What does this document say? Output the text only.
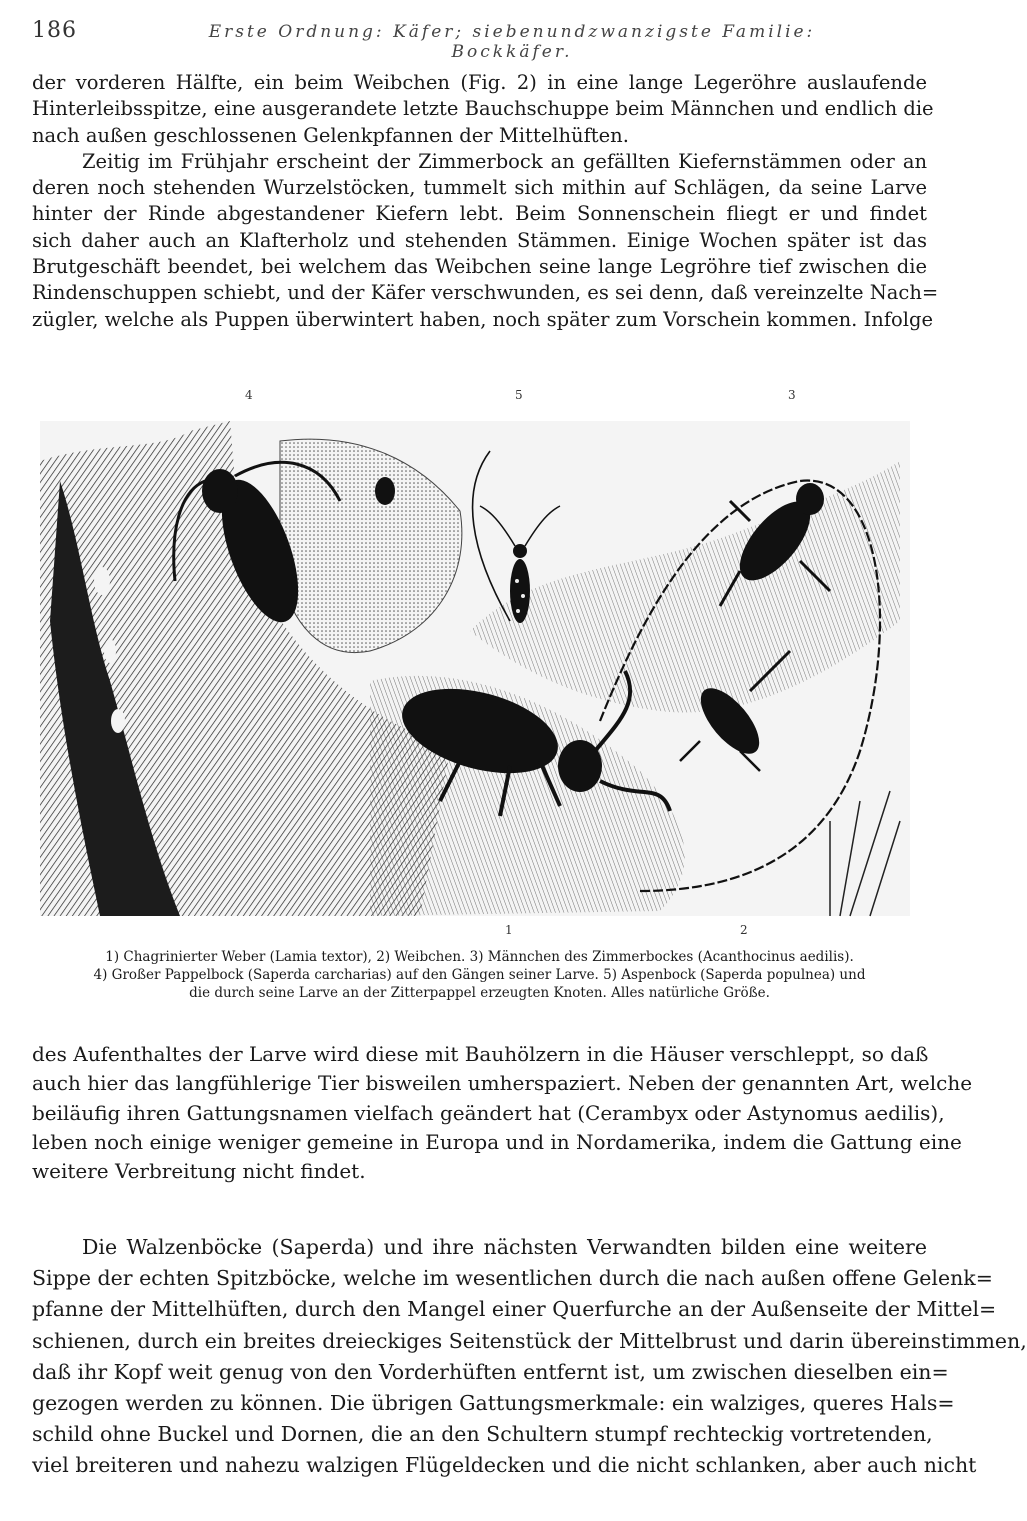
186	Erste Ordnung: Käfer; siebenundzwanzigste Familie: Bockkäfer.
der vorderen Hälfte, ein beim Weibchen (Fig. 2) in eine lange Legeröhre auslaufende
Hinterleibsspitze, eine ausgerandete letzte Bauchschuppe beim Männchen und endlich die
nach außen geschlossenen Gelenkpfannen der Mittelhüften.
Zeitig im Frühjahr erscheint der Zimmerbock an gefällten Kiefernstämmen oder an
deren noch stehenden Wurzelstöcken, tummelt sich mithin auf Schlägen, da seine Larve
hinter der Rinde abgestandener Kiefern lebt. Beim Sonnenschein fliegt er und findet
sich daher auch an Klafterholz und stehenden Stämmen. Einige Wochen später ist das
Brutgeschäft beendet, bei welchem das Weibchen seine lange Legröhre tief zwischen die
Rindenschuppen schiebt, und der Käfer verschwunden, es sei denn, daß vereinzelte Nach=
zügler, welche als Puppen überwintert haben, noch später zum Vorschein kommen. Infolge
4	5	3
1	2
1) Chagrinierter Weber (Lamia textor), 2) Weibchen. 3) Männchen des Zimmerbockes (Acanthocinus aedilis).
4) Großer Pappelbock (Saperda carcharias) auf den Gängen seiner Larve. 5) Aspenbock (Saperda populnea) und
die durch seine Larve an der Zitterpappel erzeugten Knoten. Alles natürliche Größe.
des Aufenthaltes der Larve wird diese mit Bauhölzern in die Häuser verschleppt, so daß
auch hier das langfühlerige Tier bisweilen umherspaziert. Neben der genannten Art, welche
beiläufig ihren Gattungsnamen vielfach geändert hat (Cerambyx oder Astynomus aedilis),
leben noch einige weniger gemeine in Europa und in Nordamerika, indem die Gattung eine
weitere Verbreitung nicht findet.
Die Walzenböcke (Saperda) und ihre nächsten Verwandten bilden eine weitere
Sippe der echten Spitzböcke, welche im wesentlichen durch die nach außen offene Gelenk=
pfanne der Mittelhüften, durch den Mangel einer Querfurche an der Außenseite der Mittel=
schienen, durch ein breites dreieckiges Seitenstück der Mittelbrust und darin übereinstimmen,
daß ihr Kopf weit genug von den Vorderhüften entfernt ist, um zwischen dieselben ein=
gezogen werden zu können. Die übrigen Gattungsmerkmale: ein walziges, queres Hals=
schild ohne Buckel und Dornen, die an den Schultern stumpf rechteckig vortretenden,
viel breiteren und nahezu walzigen Flügeldecken und die nicht schlanken, aber auch nicht
